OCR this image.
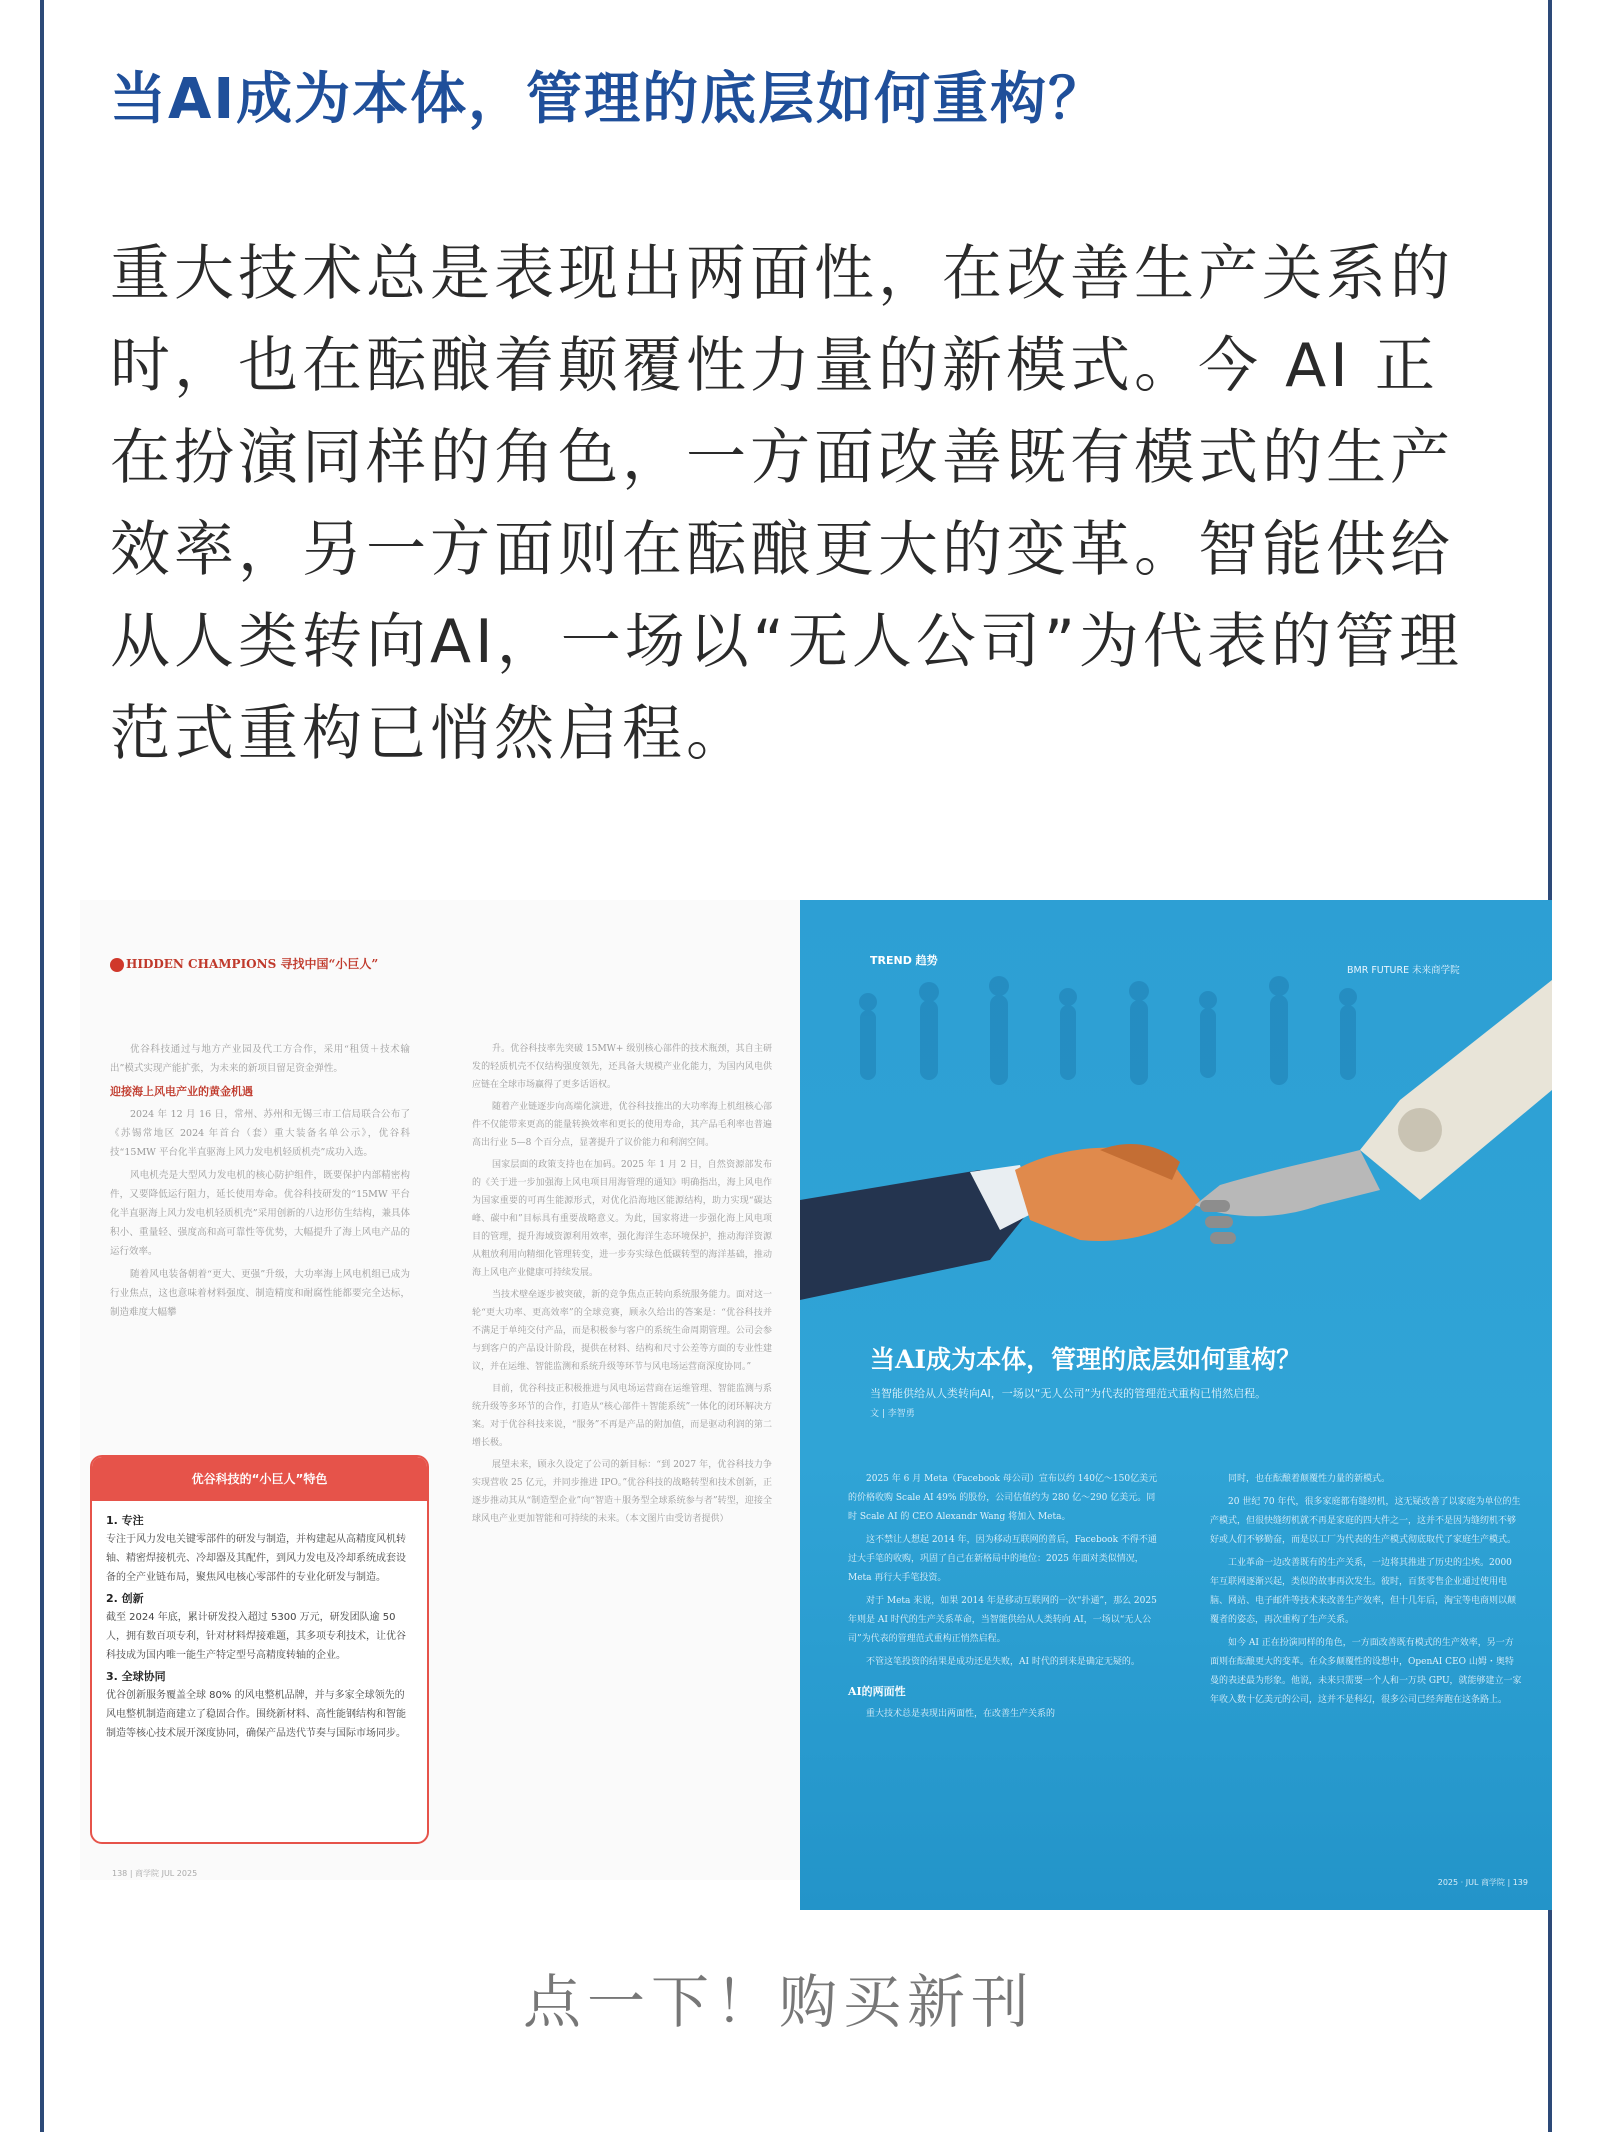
当AI成为本体，管理的底层如何重构？
重大技术总是表现出两面性，在改善生产关系的时，也在酝酿着颠覆性力量的新模式。今 AI 正在扮演同样的角色，一方面改善既有模式的生产效率，另一方面则在酝酿更大的变革。智能供给从人类转向AI，一场以“无人公司”为代表的管理范式重构已悄然启程。
HIDDEN CHAMPIONS 寻找中国“小巨人”

优谷科技通过与地方产业园及代工方合作，采用“租赁＋技术输出”模式实现产能扩张，为未来的新项目留足资金弹性。

迎接海上风电产业的黄金机遇

2024 年 12 月 16 日，常州、苏州和无锡三市工信局联合公布了《苏锡常地区 2024 年首台（套）重大装备名单公示》，优谷科技“15MW 平台化半直驱海上风力发电机轻质机壳”成功入选。

风电机壳是大型风力发电机的核心防护组件，既要保护内部精密构件，又要降低运行阻力，延长使用寿命。优谷科技研发的“15MW 平台化半直驱海上风力发电机轻质机壳”采用创新的八边形仿生结构，兼具体积小、重量轻、强度高和高可靠性等优势，大幅提升了海上风电产品的运行效率。

随着风电装备朝着“更大、更强”升级，大功率海上风电机组已成为行业焦点，这也意味着材料强度、制造精度和耐腐性能都要完全达标，制造难度大幅攀

优谷科技的“小巨人”特色
1. 专注
专注于风力发电关键零部件的研发与制造，并构建起从高精度风机转轴、精密焊接机壳、冷却器及其配件，到风力发电及冷却系统成套设备的全产业链布局，聚焦风电核心零部件的专业化研发与制造。
2. 创新
截至 2024 年底，累计研发投入超过 5300 万元，研发团队逾 50 人，拥有数百项专利，针对材料焊接难题，其多项专利技术，让优谷科技成为国内唯一能生产特定型号高精度转轴的企业。
3. 全球协同
优谷创新服务覆盖全球 80% 的风电整机品牌，并与多家全球领先的风电整机制造商建立了稳固合作。围绕新材料、高性能钢结构和智能制造等核心技术展开深度协同，确保产品迭代节奏与国际市场同步。

升。优谷科技率先突破 15MW+ 级别核心部件的技术瓶颈，其自主研发的轻质机壳不仅结构强度领先，还具备大规模产业化能力，为国内风电供应链在全球市场赢得了更多话语权。

随着产业链逐步向高端化演进，优谷科技推出的大功率海上机组核心部件不仅能带来更高的能量转换效率和更长的使用寿命，其产品毛利率也普遍高出行业 5—8 个百分点，显著提升了议价能力和利润空间。

国家层面的政策支持也在加码。2025 年 1 月 2 日，自然资源部发布的《关于进一步加强海上风电项目用海管理的通知》明确指出，海上风电作为国家重要的可再生能源形式，对优化沿海地区能源结构，助力实现“碳达峰、碳中和”目标具有重要战略意义。为此，国家将进一步强化海上风电项目的管理，提升海域资源利用效率，强化海洋生态环境保护，推动海洋资源从粗放利用向精细化管理转变，进一步夯实绿色低碳转型的海洋基础，推动海上风电产业健康可持续发展。

当技术壁垒逐步被突破，新的竞争焦点正转向系统服务能力。面对这一轮“更大功率、更高效率”的全球竞赛，顾永久给出的答案是：“优谷科技并不满足于单纯交付产品，而是积极参与客户的系统生命周期管理。公司会参与到客户的产品设计阶段，提供在材料、结构和尺寸公差等方面的专业性建议，并在运维、智能监测和系统升级等环节与风电场运营商深度协同。”

目前，优谷科技正积极推进与风电场运营商在运维管理、智能监测与系统升级等多环节的合作，打造从“核心部件＋智能系统”一体化的闭环解决方案。对于优谷科技来说，“服务”不再是产品的附加值，而是驱动利润的第二增长极。

展望未来，顾永久设定了公司的新目标：“到 2027 年，优谷科技力争实现营收 25 亿元，并同步推进 IPO。”优谷科技的战略转型和技术创新，正逐步推动其从“制造型企业”向“智造＋服务型全球系统参与者”转型，迎接全球风电产业更加智能和可持续的未来。（本文图片由受访者提供）

138 | 商学院 JUL 2025
TREND 趋势
BMR FUTURE 未来商学院
当AI成为本体，管理的底层如何重构？
当智能供给从人类转向AI，一场以“无人公司”为代表的管理范式重构已悄然启程。
文 | 李智勇

2025 年 6 月 Meta（Facebook 母公司）宣布以约 140亿～150亿美元的价格收购 Scale AI 49% 的股份，公司估值约为 280 亿～290 亿美元。同时 Scale AI 的 CEO Alexandr Wang 将加入 Meta。

这不禁让人想起 2014 年，因为移动互联网的普后，Facebook 不得不通过大手笔的收购，巩固了自己在新格局中的地位：2025 年面对类似情况，Meta 再行大手笔投资。

对于 Meta 来说，如果 2014 年是移动互联网的一次“扑通”，那么 2025 年则是 AI 时代的生产关系革命，当智能供给从人类转向 AI，一场以“无人公司”为代表的管理范式重构正悄然启程。

不管这笔投资的结果是成功还是失败，AI 时代的到来是确定无疑的。

AI的两面性

重大技术总是表现出两面性，在改善生产关系的

同时，也在酝酿着颠覆性力量的新模式。

20 世纪 70 年代，很多家庭都有缝纫机，这无疑改善了以家庭为单位的生产模式，但很快缝纫机就不再是家庭的四大件之一，这并不是因为缝纫机不够好或人们不够勤奋，而是以工厂为代表的生产模式彻底取代了家庭生产模式。

工业革命一边改善既有的生产关系，一边将其推进了历史的尘埃。2000 年互联网逐渐兴起，类似的故事再次发生。彼时，百货零售企业通过使用电脑、网站、电子邮件等技术来改善生产效率，但十几年后，淘宝等电商则以颠覆者的姿态，再次重构了生产关系。

如今 AI 正在扮演同样的角色，一方面改善既有模式的生产效率，另一方面则在酝酿更大的变革。在众多颠覆性的设想中，OpenAI CEO 山姆・奥特曼的表述最为形象。他说，未来只需要一个人和一万块 GPU，就能够建立一家年收入数十亿美元的公司，这并不是科幻，很多公司已经奔跑在这条路上。

2025 · JUL 商学院 | 139
点一下！购买新刊
